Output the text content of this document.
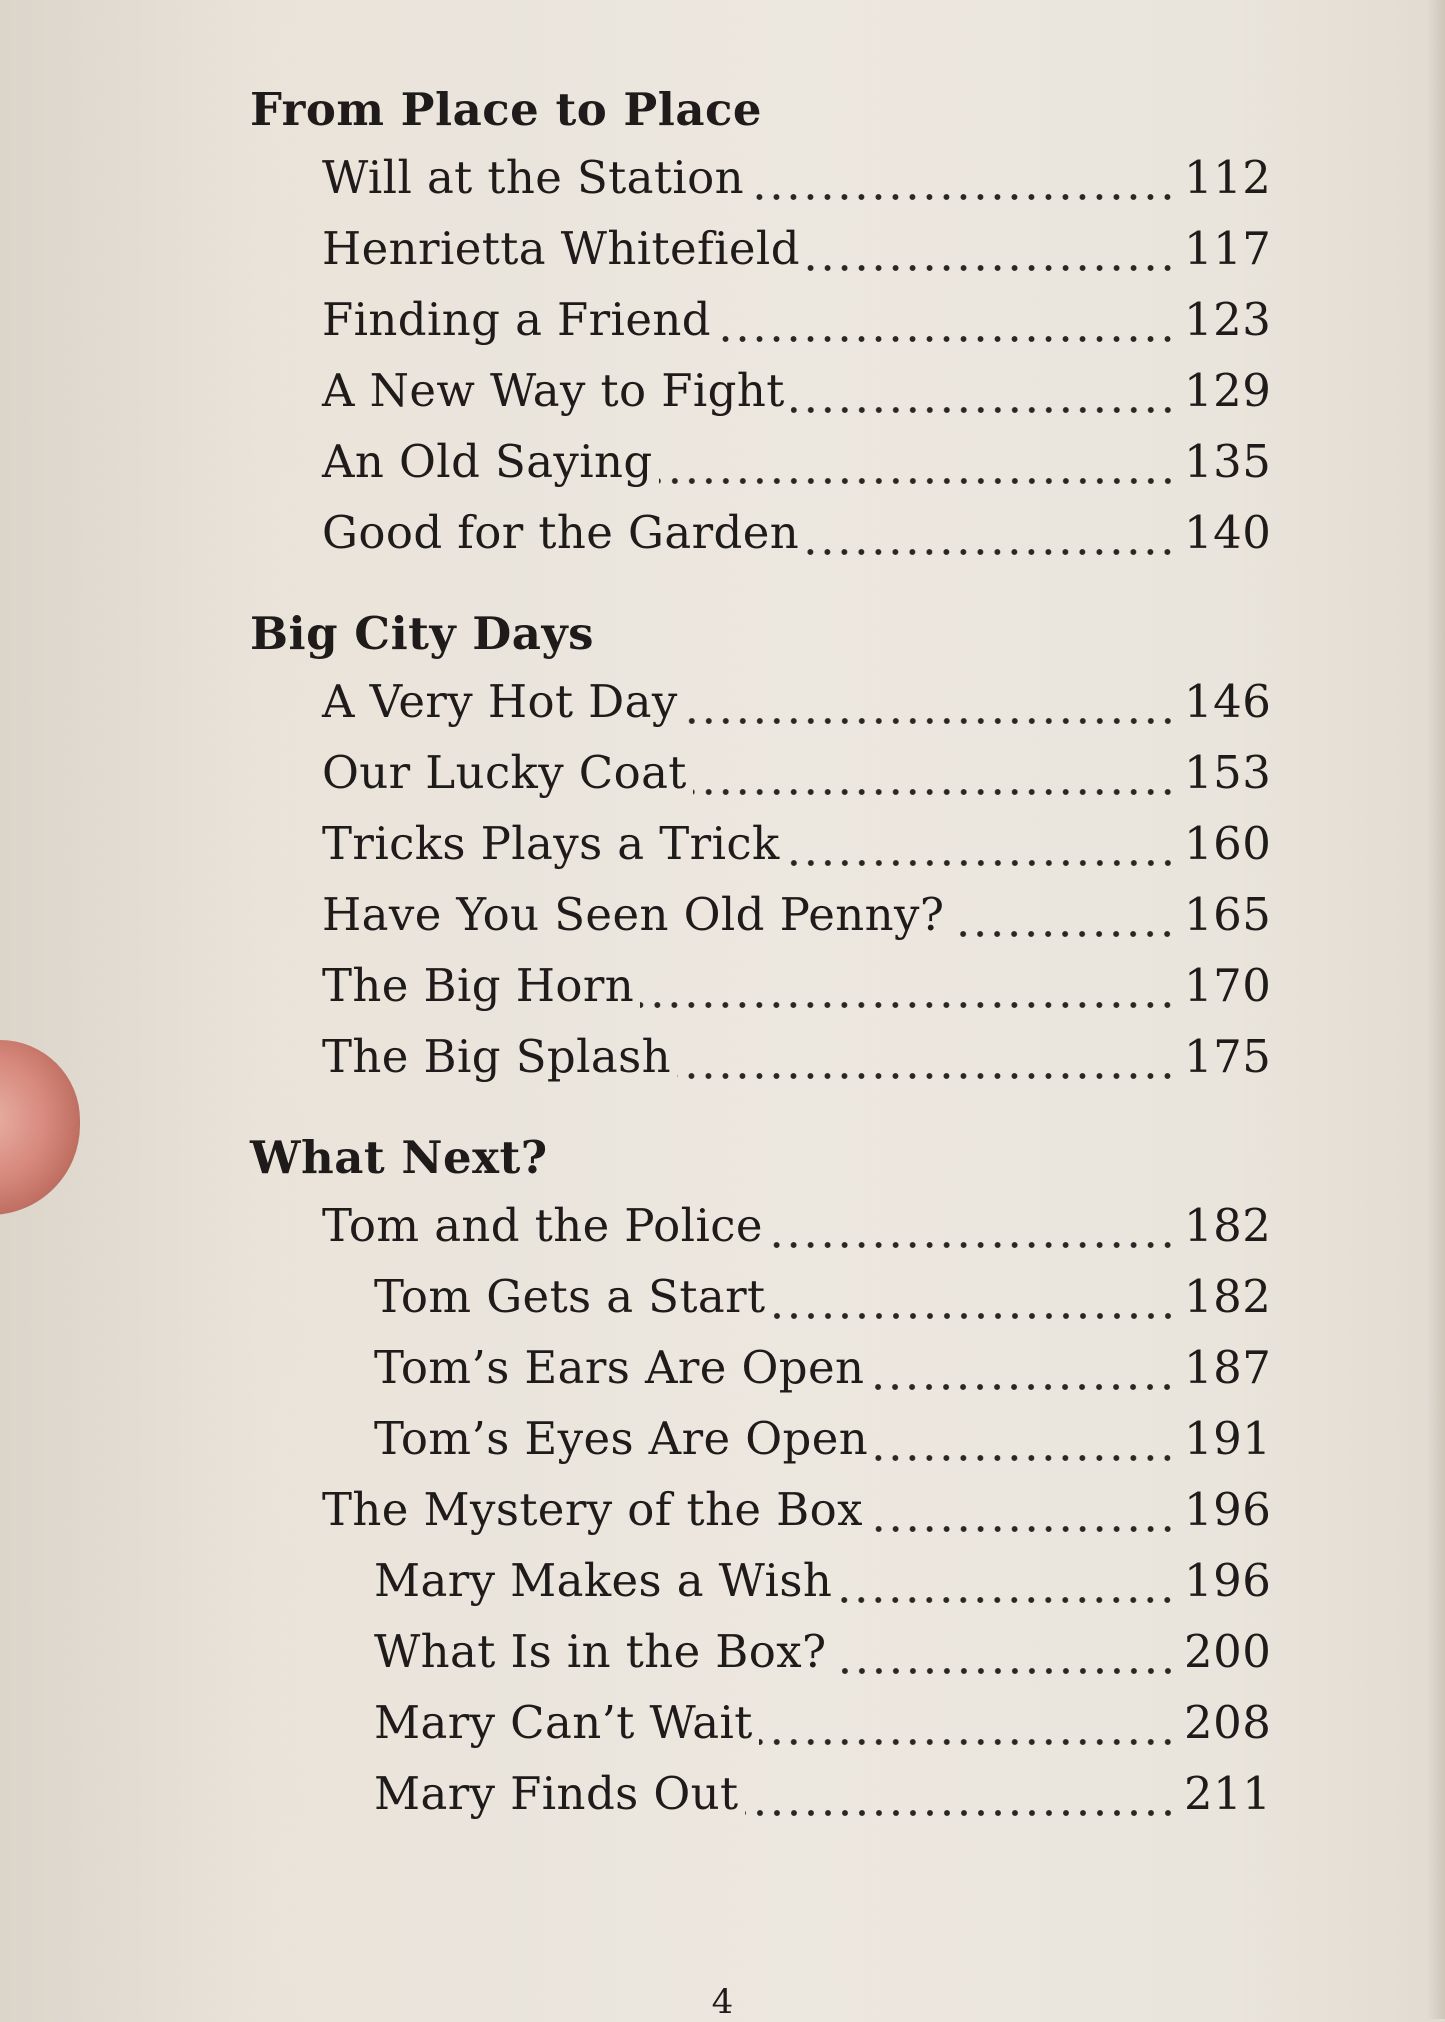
From Place to Place
Will at the Station	112
Henrietta Whitefield	117
Finding a Friend	123
A New Way to Fight	129
An Old Saying	135
Good for the Garden	140
Big City Days
A Very Hot Day	146
Our Lucky Coat	153
Tricks Plays a Trick	160
Have You Seen Old Penny?	165
The Big Horn	170
The Big Splash	175
What Next?
Tom and the Police	182
Tom Gets a Start	182
Tom’s Ears Are Open	187
Tom’s Eyes Are Open	191
The Mystery of the Box	196
Mary Makes a Wish	196
What Is in the Box?	200
Mary Can’t Wait	208
Mary Finds Out	211
4
